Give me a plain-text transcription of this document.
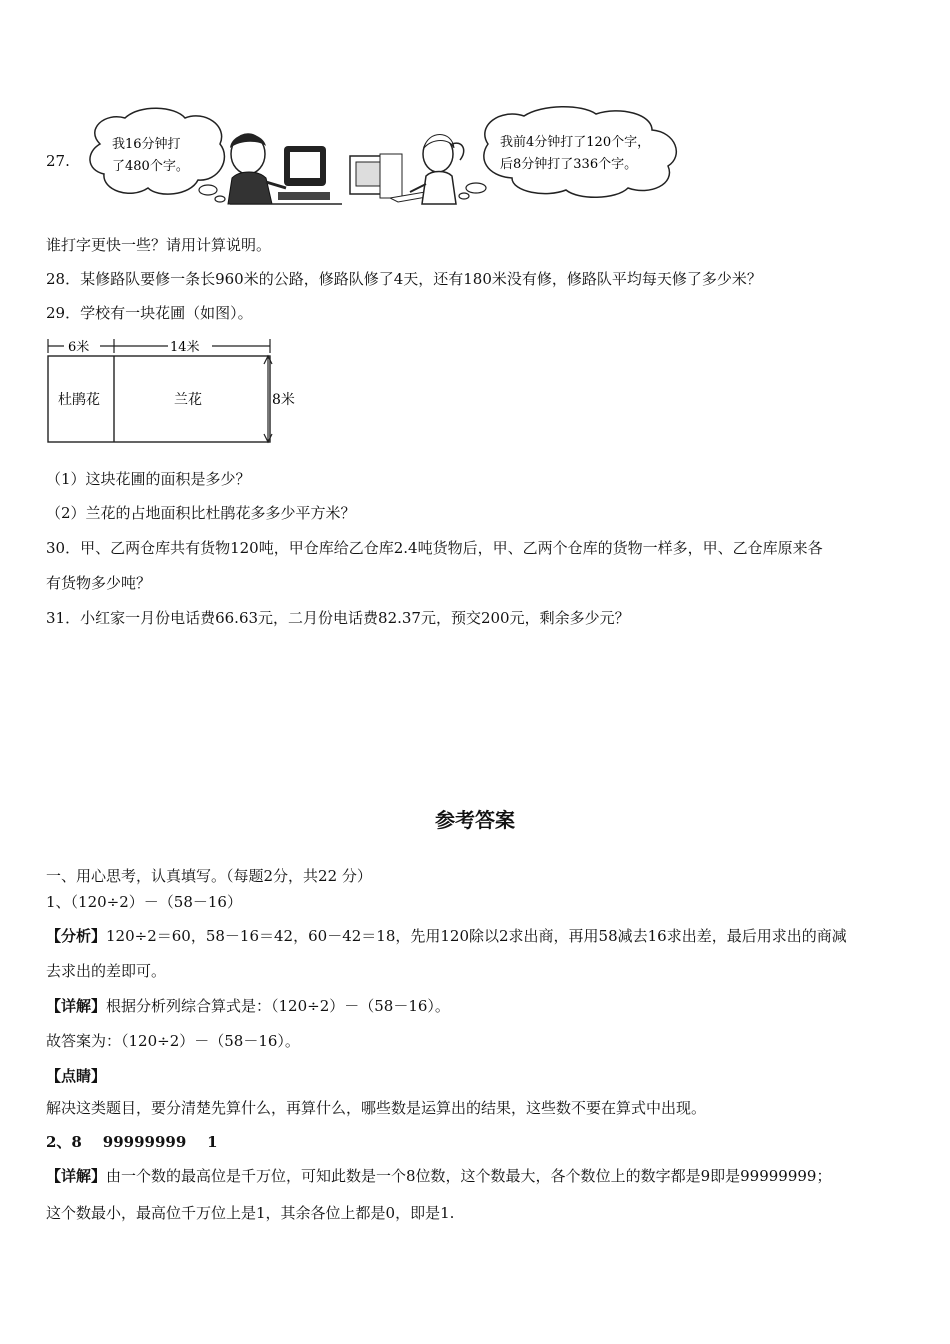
27.
我16分钟打
了480个字。
我前4分钟打了120个字，
后8分钟打了336个字。
谁打字更快一些？请用计算说明。
28．某修路队要修一条长960米的公路，修路队修了4天，还有180米没有修，修路队平均每天修了多少米？
29．学校有一块花圃（如图）。
6米	14米
杜鹃花	兰花	8米
（1）这块花圃的面积是多少？
（2）兰花的占地面积比杜鹃花多多少平方米？
30．甲、乙两仓库共有货物120吨，甲仓库给乙仓库2.4吨货物后，甲、乙两个仓库的货物一样多，甲、乙仓库原来各
有货物多少吨？
31．小红家一月份电话费66.63元，二月份电话费82.37元，预交200元，剩余多少元？
参考答案
一、用心思考，认真填写。（每题2分，共22 分）
1、（120÷2）－（58－16）
【分析】120÷2＝60，58－16＝42，60－42＝18，先用120除以2求出商，再用58减去16求出差，最后用求出的商减
去求出的差即可。
【详解】根据分析列综合算式是：（120÷2）－（58－16）。
故答案为：（120÷2）－（58－16）。
【点睛】
解决这类题目，要分清楚先算什么，再算什么，哪些数是运算出的结果，这些数不要在算式中出现。
2、8    99999999    1
【详解】由一个数的最高位是千万位，可知此数是一个8位数，这个数最大，各个数位上的数字都是9即是99999999；
这个数最小，最高位千万位上是1，其余各位上都是0，即是1.
